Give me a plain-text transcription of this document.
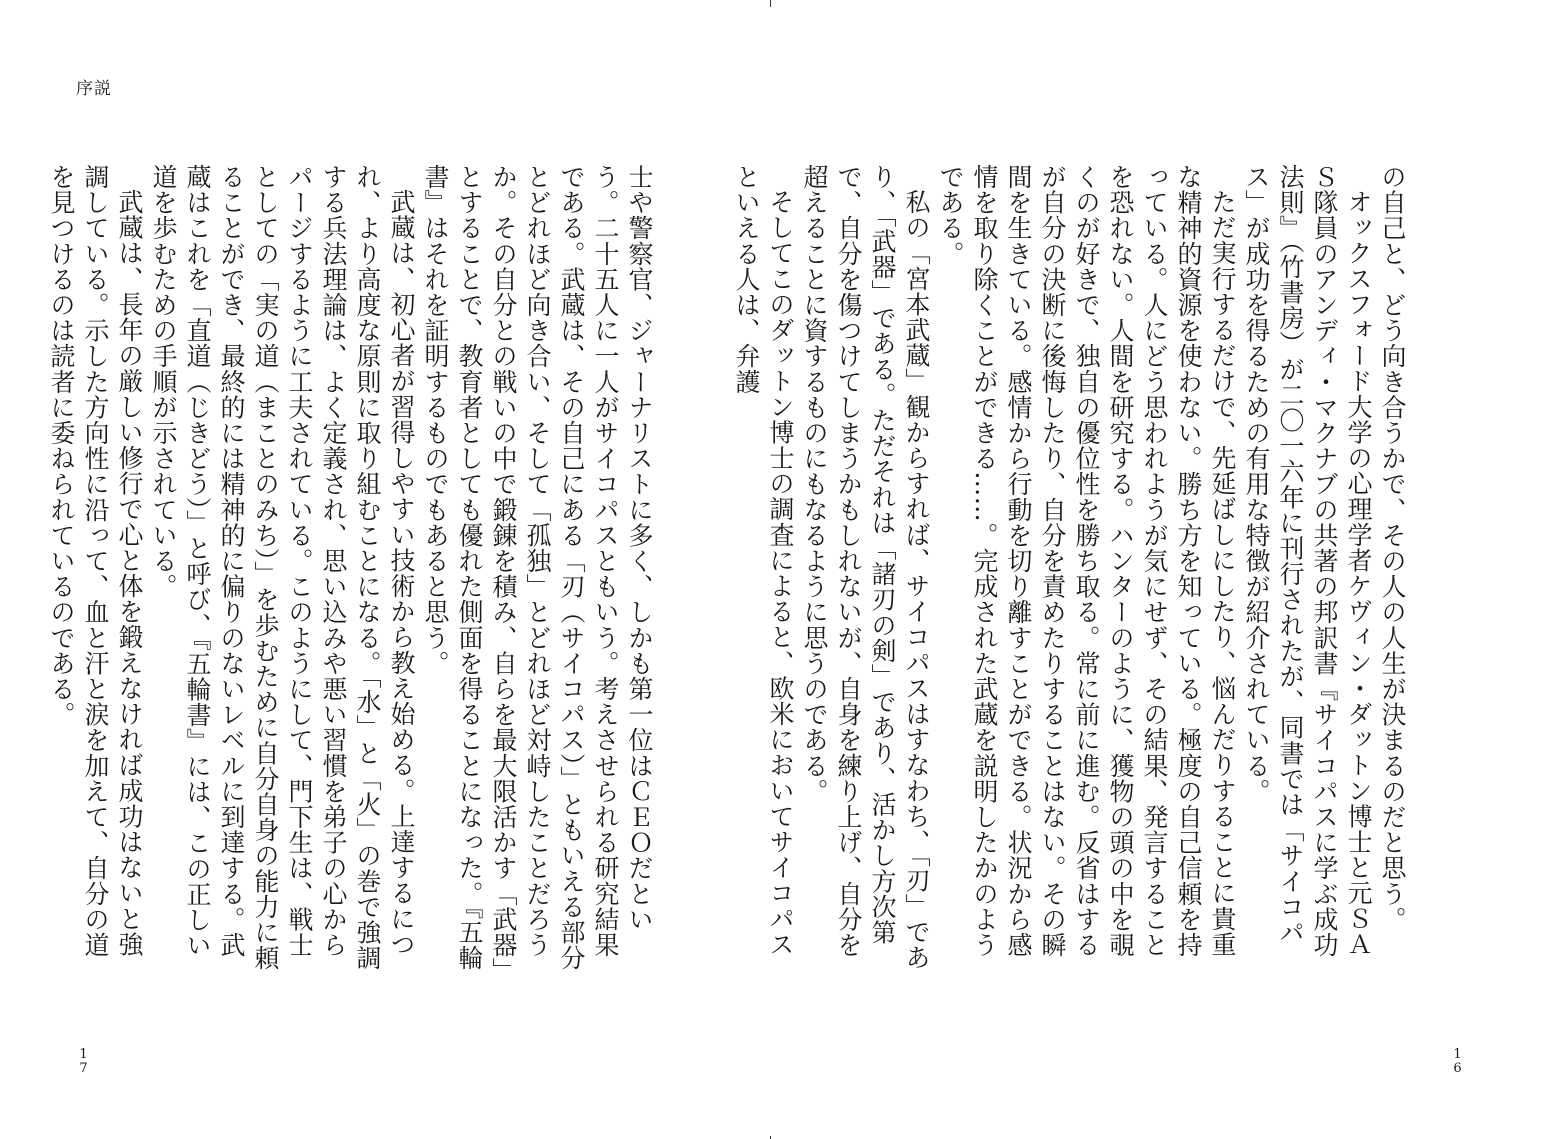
序説

士や警察官、ジャーナリストに多く、しかも第一位はＣＥＯだという。二十五人に一人がサイコパスともいう。考えさせられる研究結果である。武蔵は、その自己にある「刃（サイコパス）」ともいえる部分とどれほど向き合い、そして「孤独」とどれほど対峙したことだろうか。その自分との戦いの中で鍛錬を積み、自らを最大限活かす「武器」とすることで、教育者としても優れた側面を得ることになった。『五輪書』はそれを証明するものでもあると思う。

武蔵は、初心者が習得しやすい技術から教え始める。上達するにつれ、より高度な原則に取り組むことになる。「水」と「火」の巻で強調する兵法理論は、よく定義され、思い込みや悪い習慣を弟子の心からパージするように工夫されている。このようにして、門下生は、戦士としての「実の道（まことのみち）」を歩むために自分自身の能力に頼ることができ、最終的には精神的に偏りのないレベルに到達する。武蔵はこれを「直道（じきどう）」と呼び、『五輪書』には、この正しい道を歩むための手順が示されている。

武蔵は、長年の厳しい修行で心と体を鍛えなければ成功はないと強調している。示した方向性に沿って、血と汗と涙を加えて、自分の道を見つけるのは読者に委ねられているのである。

17

の自己と、どう向き合うかで、その人の人生が決まるのだと思う。

オックスフォード大学の心理学者ケヴィン・ダットン博士と元ＳＡＳ隊員のアンディ・マクナブの共著の邦訳書『サイコパスに学ぶ成功法則』（竹書房）が二〇一六年に刊行されたが、同書では「サイコパス」が成功を得るための有用な特徴が紹介されている。

ただ実行するだけで、先延ばしにしたり、悩んだりすることに貴重な精神的資源を使わない。勝ち方を知っている。極度の自己信頼を持っている。人にどう思われようが気にせず、その結果、発言することを恐れない。人間を研究する。ハンターのように、獲物の頭の中を覗くのが好きで、独自の優位性を勝ち取る。常に前に進む。反省はするが自分の決断に後悔したり、自分を責めたりすることはない。その瞬間を生きている。感情から行動を切り離すことができる。状況から感情を取り除くことができる……。完成された武蔵を説明したかのようである。

私の「宮本武蔵」観からすれば、サイコパスはすなわち、「刃」であり、「武器」である。ただそれは「諸刃の剣」であり、活かし方次第で、自分を傷つけてしまうかもしれないが、自身を練り上げ、自分を超えることに資するものにもなるように思うのである。

そしてこのダットン博士の調査によると、欧米においてサイコパスといえる人は、弁護

16
